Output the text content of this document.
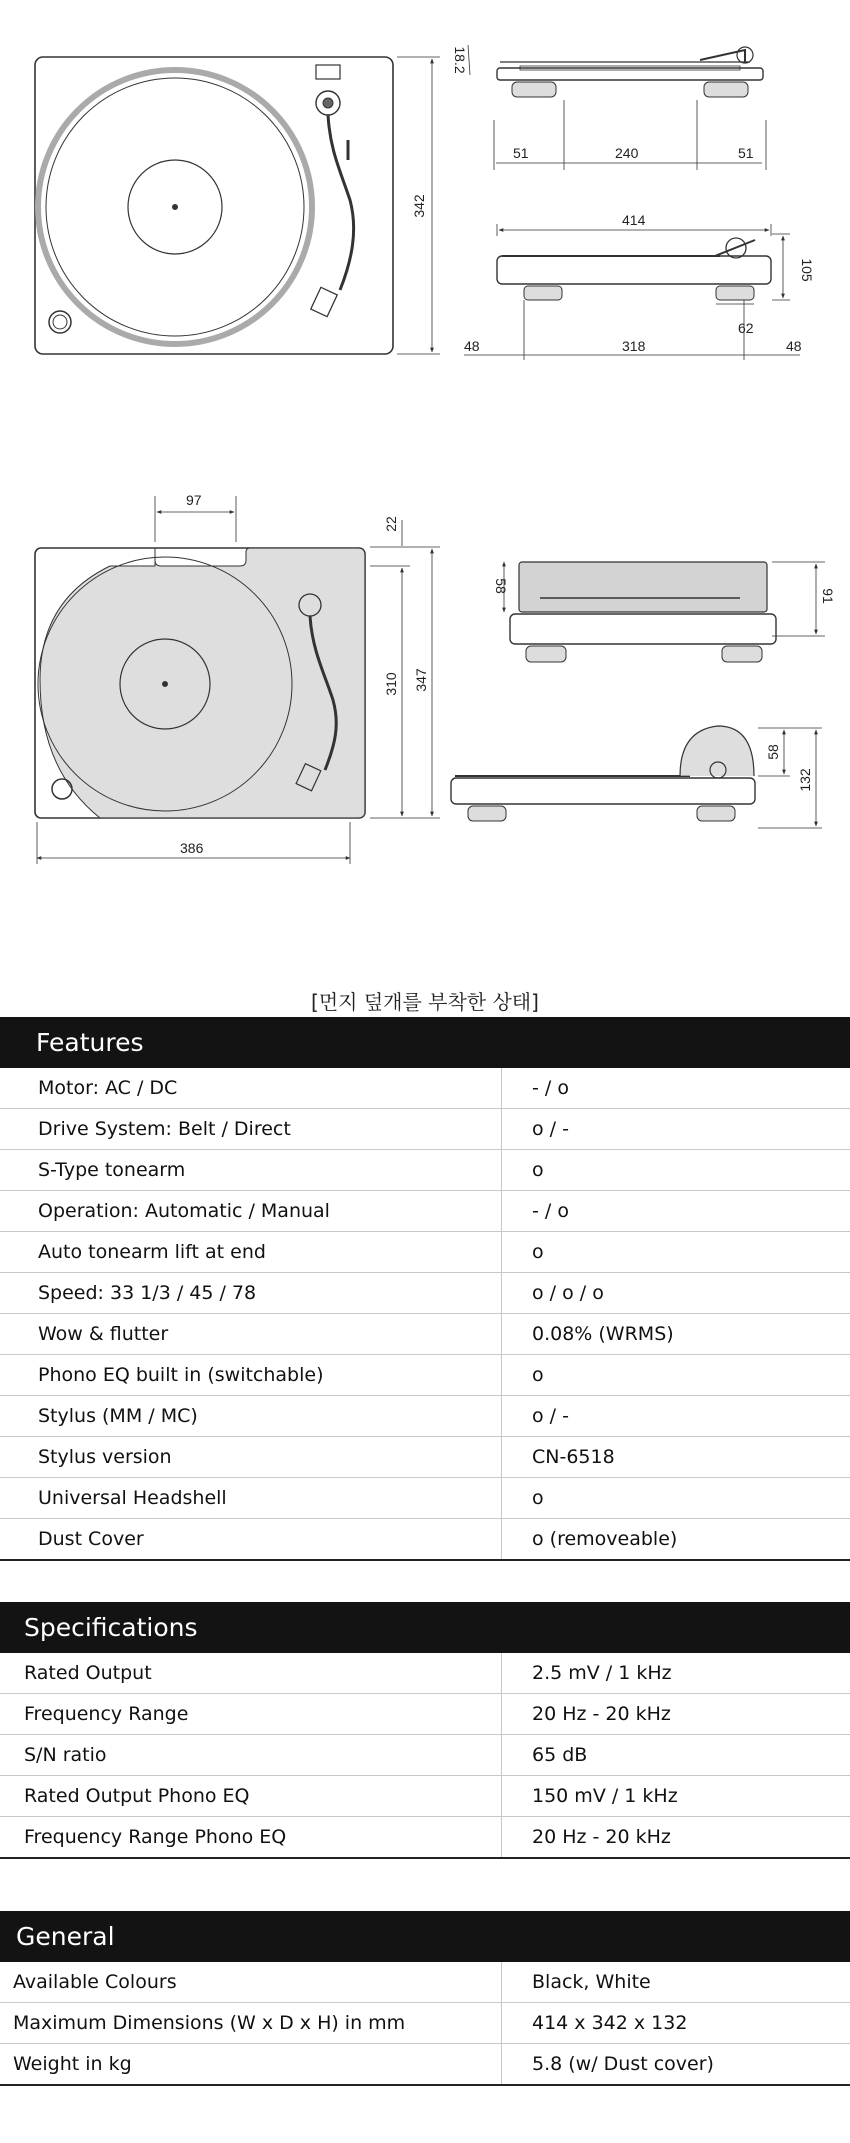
342
18.2
51	240	51
414
105
62
48	318	48
97
22
310 347
386
58
91
58
132
[먼지 덮개를 부착한 상태]
Features
Motor: AC / DC	- / o
Drive System: Belt / Direct	o / -
S-Type tonearm	o
Operation: Automatic / Manual	- / o
Auto tonearm lift at end	o
Speed: 33 1/3 / 45 / 78	o / o / o
Wow & flutter	0.08% (WRMS)
Phono EQ built in (switchable)	o
Stylus (MM / MC)	o / -
Stylus version	CN-6518
Universal Headshell	o
Dust Cover	o (removeable)
Specifications
Rated Output	2.5 mV / 1 kHz
Frequency Range	20 Hz - 20 kHz
S/N ratio	65 dB
Rated Output Phono EQ	150 mV / 1 kHz
Frequency Range Phono EQ	20 Hz - 20 kHz
General
Available Colours	Black, White
Maximum Dimensions (W x D x H) in mm	414 x 342 x 132
Weight in kg	5.8 (w/ Dust cover)
